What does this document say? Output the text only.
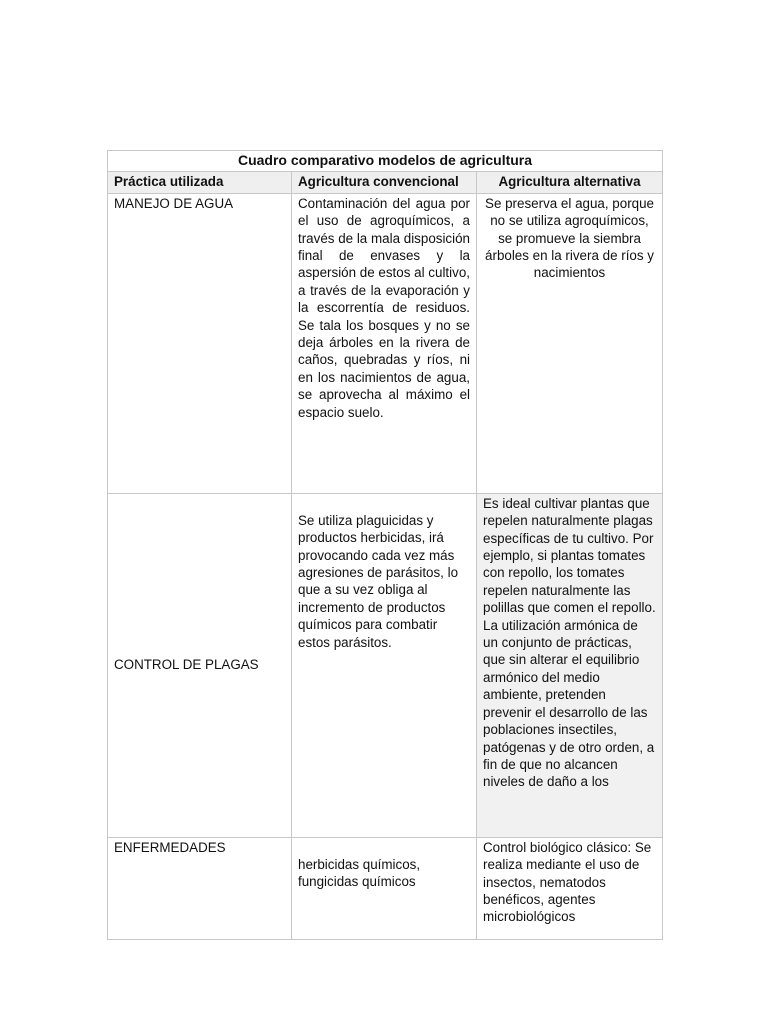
Cuadro comparativo modelos de agricultura		
Práctica utilizada	Agricultura convencional	Agricultura alternativa
MANEJO DE AGUA	Contaminación del agua por el uso de agroquímicos, a través de la mala disposición final de envases y la aspersión de estos al cultivo, a través de la evaporación y la escorrentía de residuos. Se tala los bosques y no se deja árboles en la rivera de caños, quebradas y ríos, ni en los nacimientos de agua, se aprovecha al máximo el espacio suelo.	Se preserva el agua, porque no se utiliza agroquímicos, se promueve la siembra árboles en la rivera de ríos y nacimientos
CONTROL DE PLAGAS	Se utiliza plaguicidas y productos herbicidas, irá provocando cada vez más agresiones de parásitos, lo que a su vez obliga al incremento de productos químicos para combatir estos parásitos.	Es ideal cultivar plantas que repelen naturalmente plagas específicas de tu cultivo. Por ejemplo, si plantas tomates con repollo, los tomates repelen naturalmente las polillas que comen el repollo. La utilización armónica de un conjunto de prácticas, que sin alterar el equilibrio armónico del medio ambiente, pretenden prevenir el desarrollo de las poblaciones insectiles, patógenas y de otro orden, a fin de que no alcancen niveles de daño a los
ENFERMEDADES	herbicidas químicos, fungicidas químicos	Control biológico clásico: Se realiza mediante el uso de insectos, nematodos benéficos, agentes microbiológicos
